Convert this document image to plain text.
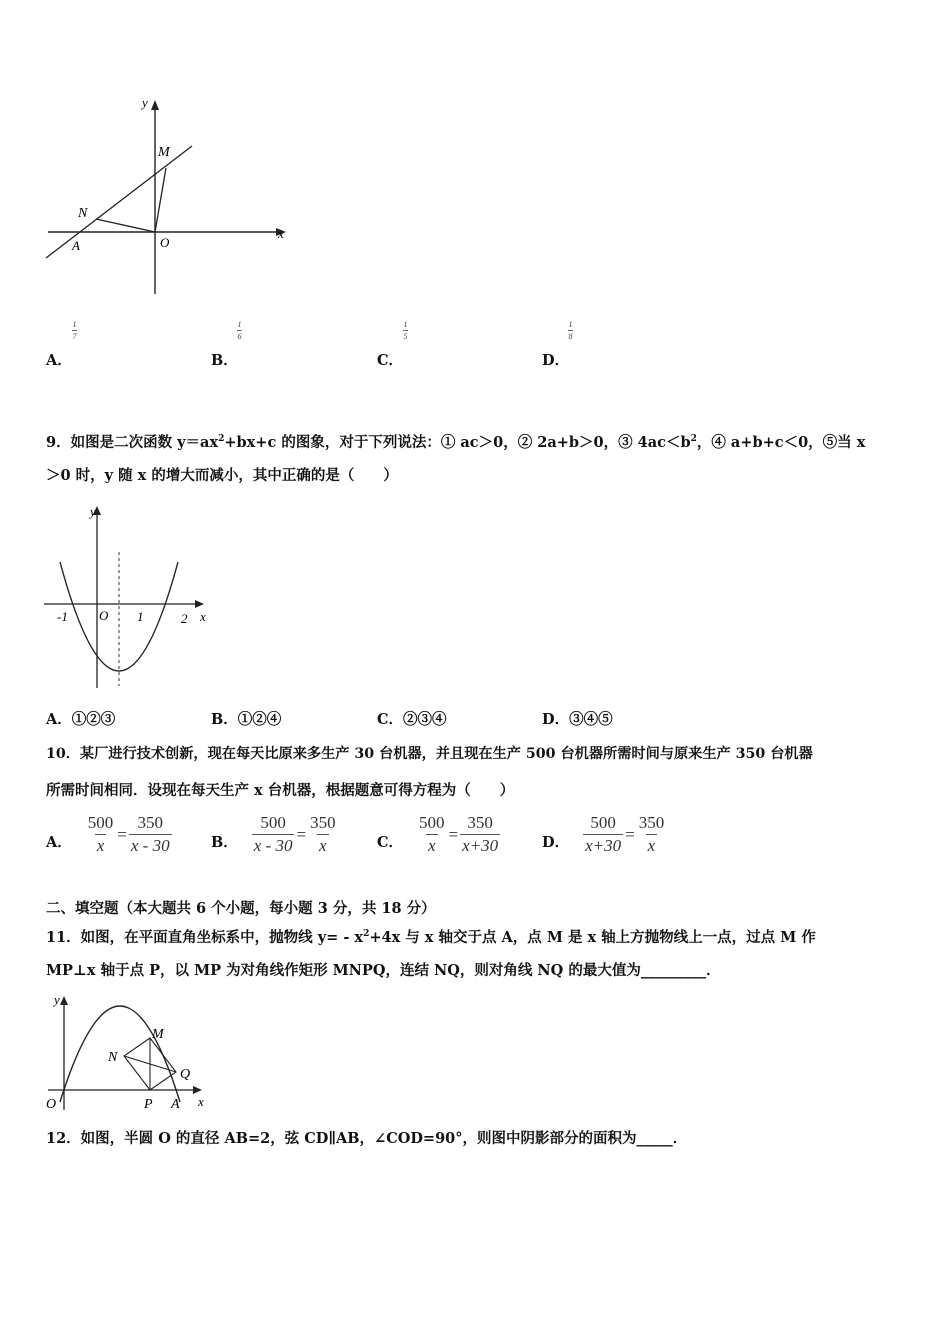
y
x
M
N
A	O
A．
1
7
B．
1
6
C．
1
5
D．
1
8
9．如图是二次函数 $y=ax^2+bx+c$ 的图象，对于下列说法：① ac＞0，② 2a+b＞0，③ $4ac<b^2$，④ a+b+c＜0，⑤当 x
＞0 时，y 随 x 的增大而减小，其中正确的是（　　）
y
x
O
-1	1	2
A．①②③	B．①②④	C．②③④	D．③④⑤
10．某厂进行技术创新，现在每天比原来多生产 30 台机器，并且现在生产 500 台机器所需时间与原来生产 350 台机器
所需时间相同．设现在每天生产 x 台机器，根据题意可得方程为（　　）
A． $\frac{500}{x} = \frac{350}{x - 30}$	B． $\frac{500}{x - 30} = \frac{350}{x}$	C． $\frac{500}{x} = \frac{350}{x+30}$	D． $\frac{500}{x+30} = \frac{350}{x}$
二、填空题（本大题共 6 个小题，每小题 3 分，共 18 分）
11．如图，在平面直角坐标系中，抛物线 $y= - x^2+4x$ 与 x 轴交于点 A，点 M 是 x 轴上方抛物线上一点，过点 M 作
MP⊥x 轴于点 P，以 MP 为对角线作矩形 MNPQ，连结 NQ，则对角线 NQ 的最大值为_________．
y
x
O
M
N
Q
P A
12．如图，半圆 O 的直径 AB=2，弦 CD∥AB，∠COD=90°，则图中阴影部分的面积为_____．
